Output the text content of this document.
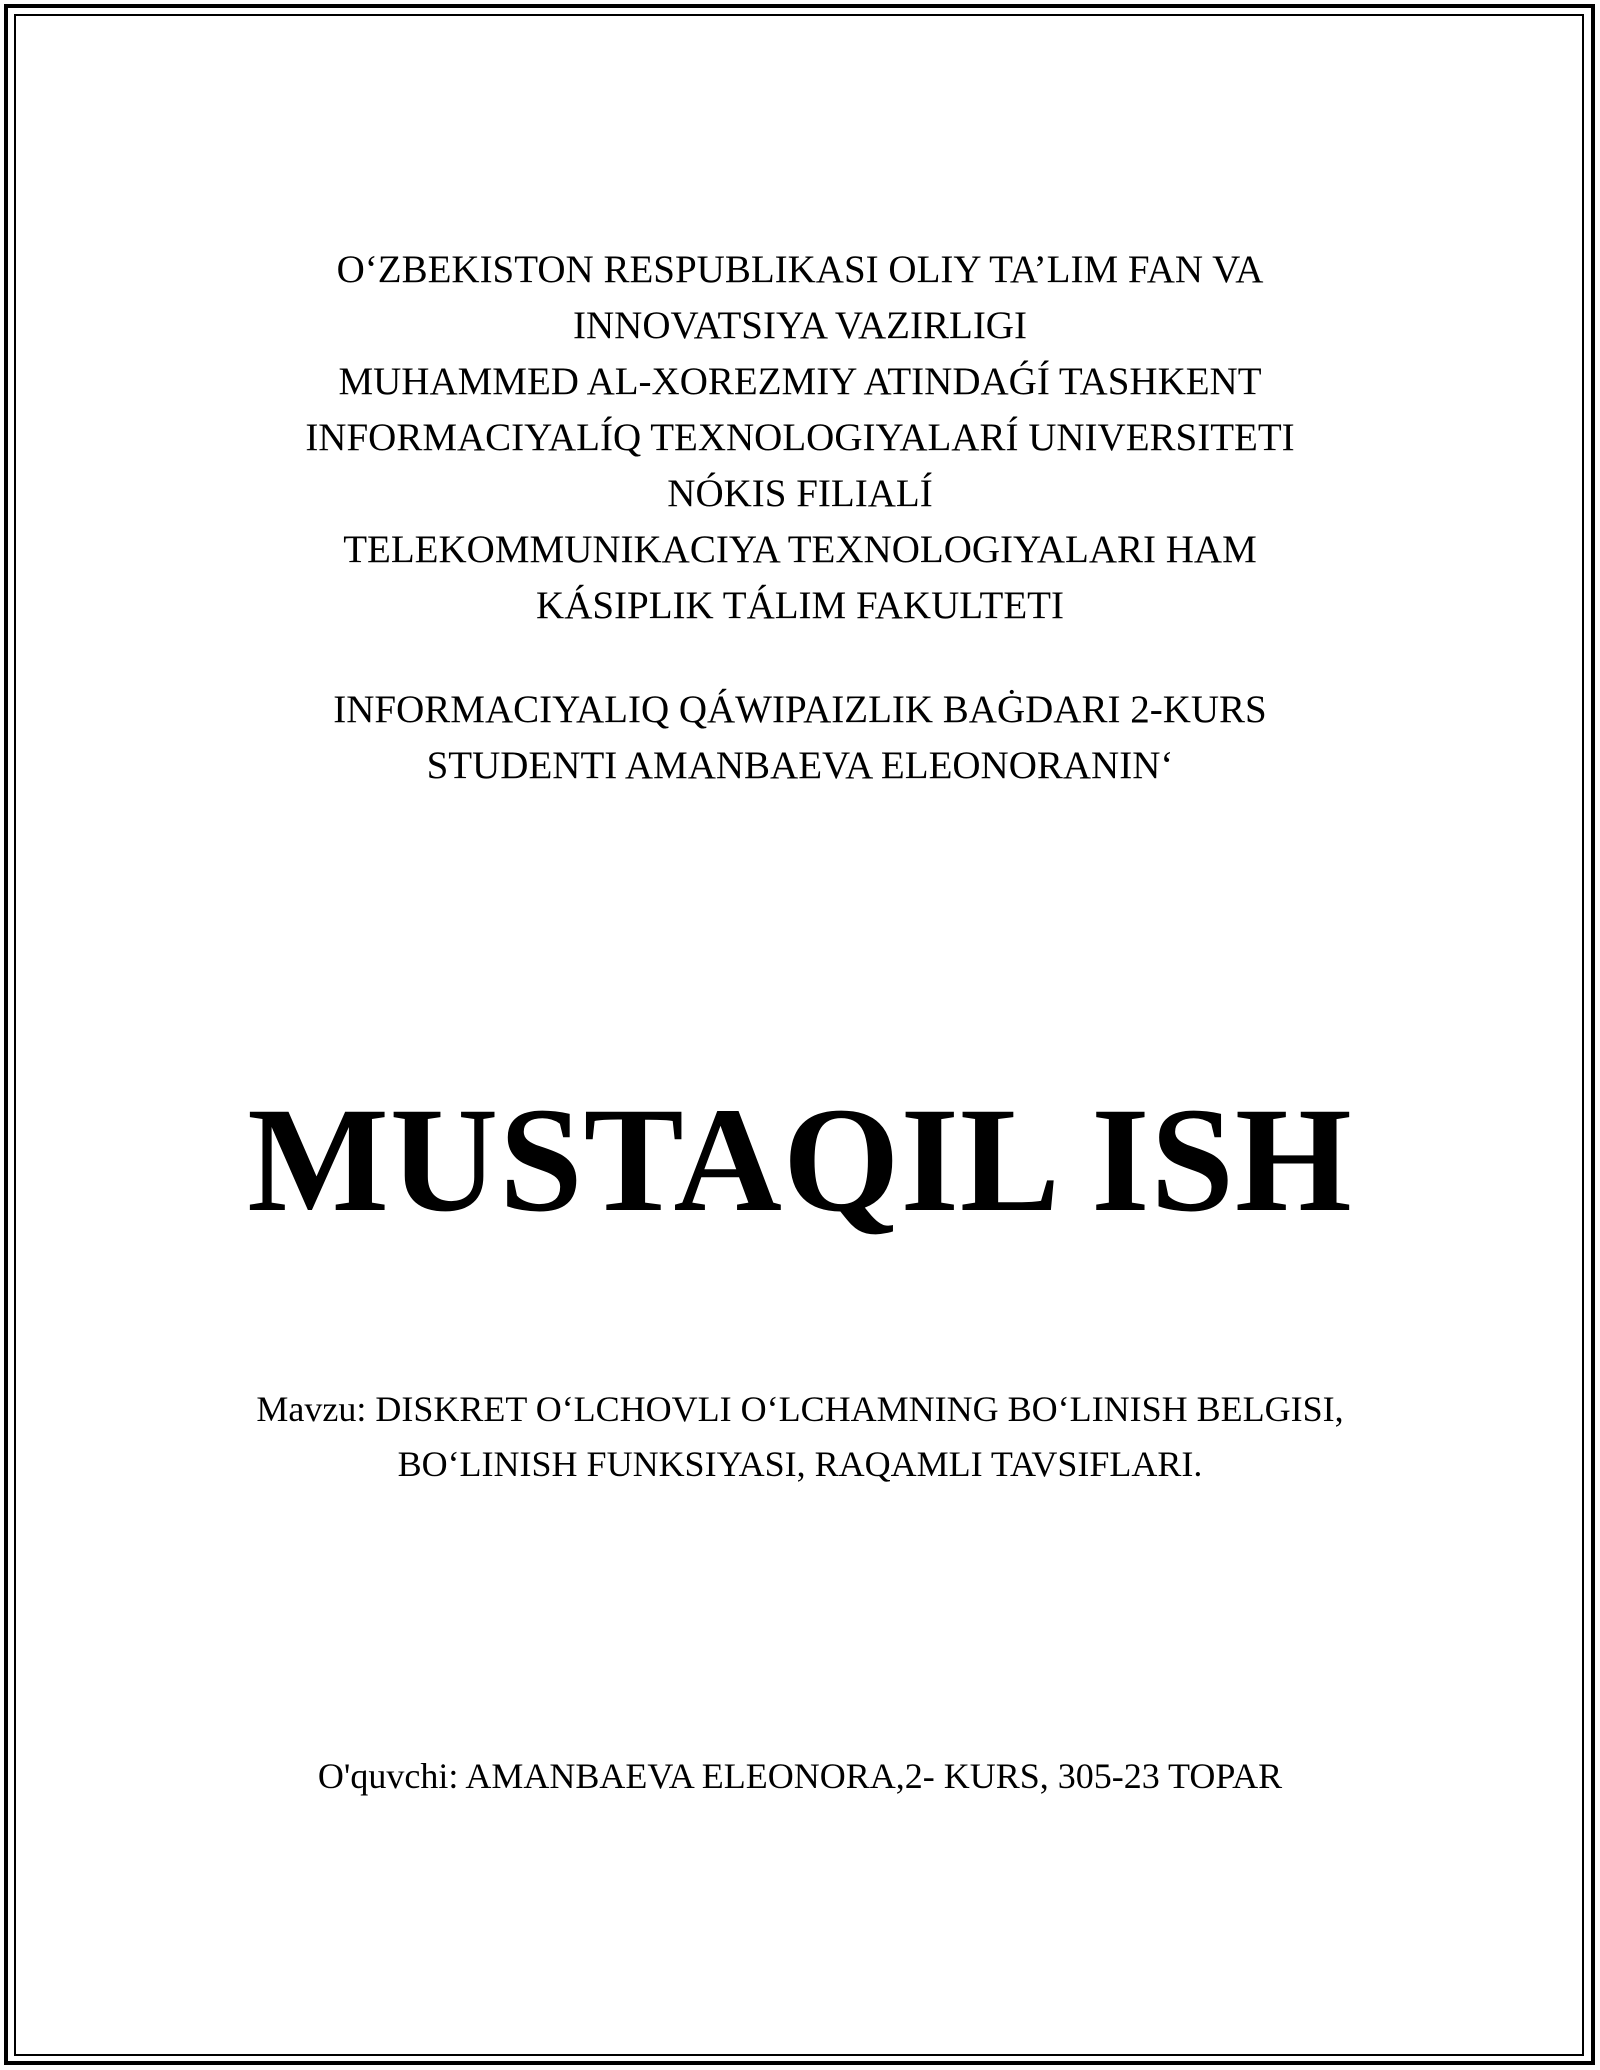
O‘ZBEKISTON RESPUBLIKASI OLIY TA’LIM FAN VA
INNOVATSIYA VAZIRLIGI
MUHAMMED AL-XOREZMIY ATINDAǴÍ TASHKENT
INFORMACIYALÍQ TEXNOLOGIYALARÍ UNIVERSITETI
NÓKIS FILIALÍ
TELEKOMMUNIKACIYA TEXNOLOGIYALARI HAM
KÁSIPLIK TÁLIM FAKULTETI
INFORMACIYALIQ QÁWIPAIZLIK BAĠDARI 2-KURS
STUDENTI AMANBAEVA ELEONORANIN‘
MUSTAQIL ISH
Mavzu: DISKRET O‘LCHOVLI O‘LCHAMNING BO‘LINISH BELGISI,
BO‘LINISH FUNKSIYASI, RAQAMLI TAVSIFLARI.
O'quvchi: AMANBAEVA ELEONORA,2- KURS, 305-23 TOPAR
